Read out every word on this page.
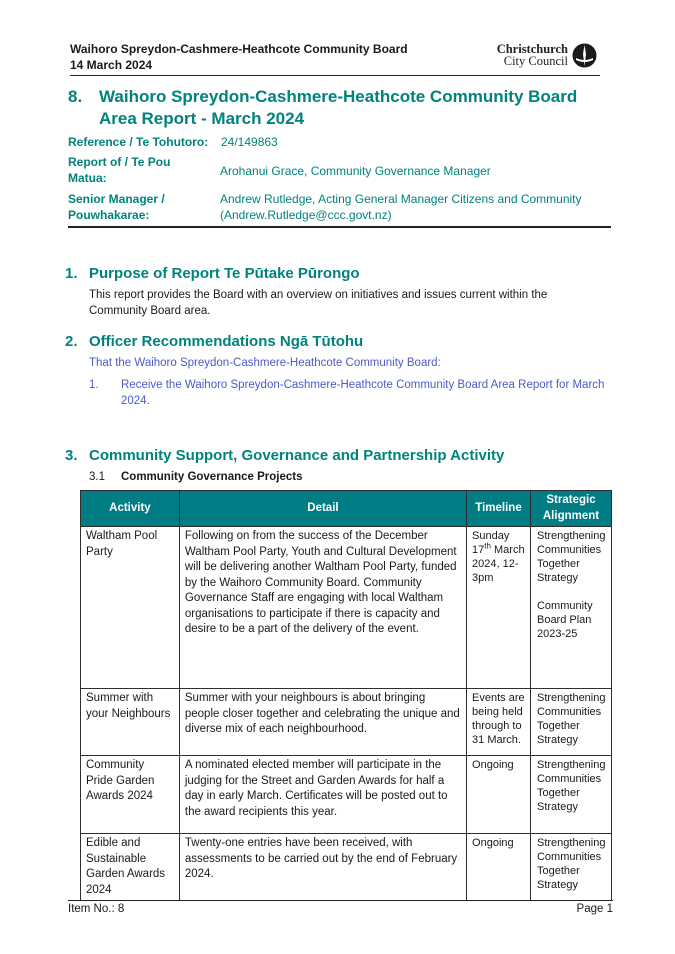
Waihoro Spreydon-Cashmere-Heathcote Community Board
14 March 2024
Christchurch
City Council
8. Waihoro Spreydon-Cashmere-Heathcote Community Board Area Report - March 2024
Reference / Te Tohutoro: 24/149863
Report of / Te Pou
Matua:	Arohanui Grace, Community Governance Manager
Senior Manager /
Pouwhakarae:
Andrew Rutledge, Acting General Manager Citizens and Community
(Andrew.Rutledge@ccc.govt.nz)
1. Purpose of Report Te Pūtake Pūrongo
This report provides the Board with an overview on initiatives and issues current within the
Community Board area.
2. Officer Recommendations Ngā Tūtohu
That the Waihoro Spreydon-Cashmere-Heathcote Community Board:
1. Receive the Waihoro Spreydon-Cashmere-Heathcote Community Board Area Report for March
2024.
3. Community Support, Governance and Partnership Activity
3.1 Community Governance Projects
Activity	Detail	Timeline	Strategic Alignment
Waltham Pool Party	Following on from the success of the December Waltham Pool Party, Youth and Cultural Development will be delivering another Waltham Pool Party, funded by the Waihoro Community Board. Community Governance Staff are engaging with local Waltham organisations to participate if there is capacity and desire to be a part of the delivery of the event.	Sunday 17th March 2024, 12-3pm	Strengthening Communities Together Strategy
Community Board Plan 2023-25

Summer with your Neighbours	Summer with your neighbours is about bringing people closer together and celebrating the unique and diverse mix of each neighbourhood.	Events are being held through to 31 March.	Strengthening Communities Together Strategy
Community Pride Garden Awards 2024	A nominated elected member will participate in the judging for the Street and Garden Awards for half a day in early March. Certificates will be posted out to the award recipients this year.	Ongoing	Strengthening Communities Together Strategy
Edible and Sustainable Garden Awards 2024	Twenty-one entries have been received, with assessments to be carried out by the end of February 2024.	Ongoing	Strengthening Communities Together Strategy
Item No.: 8	Page 1
